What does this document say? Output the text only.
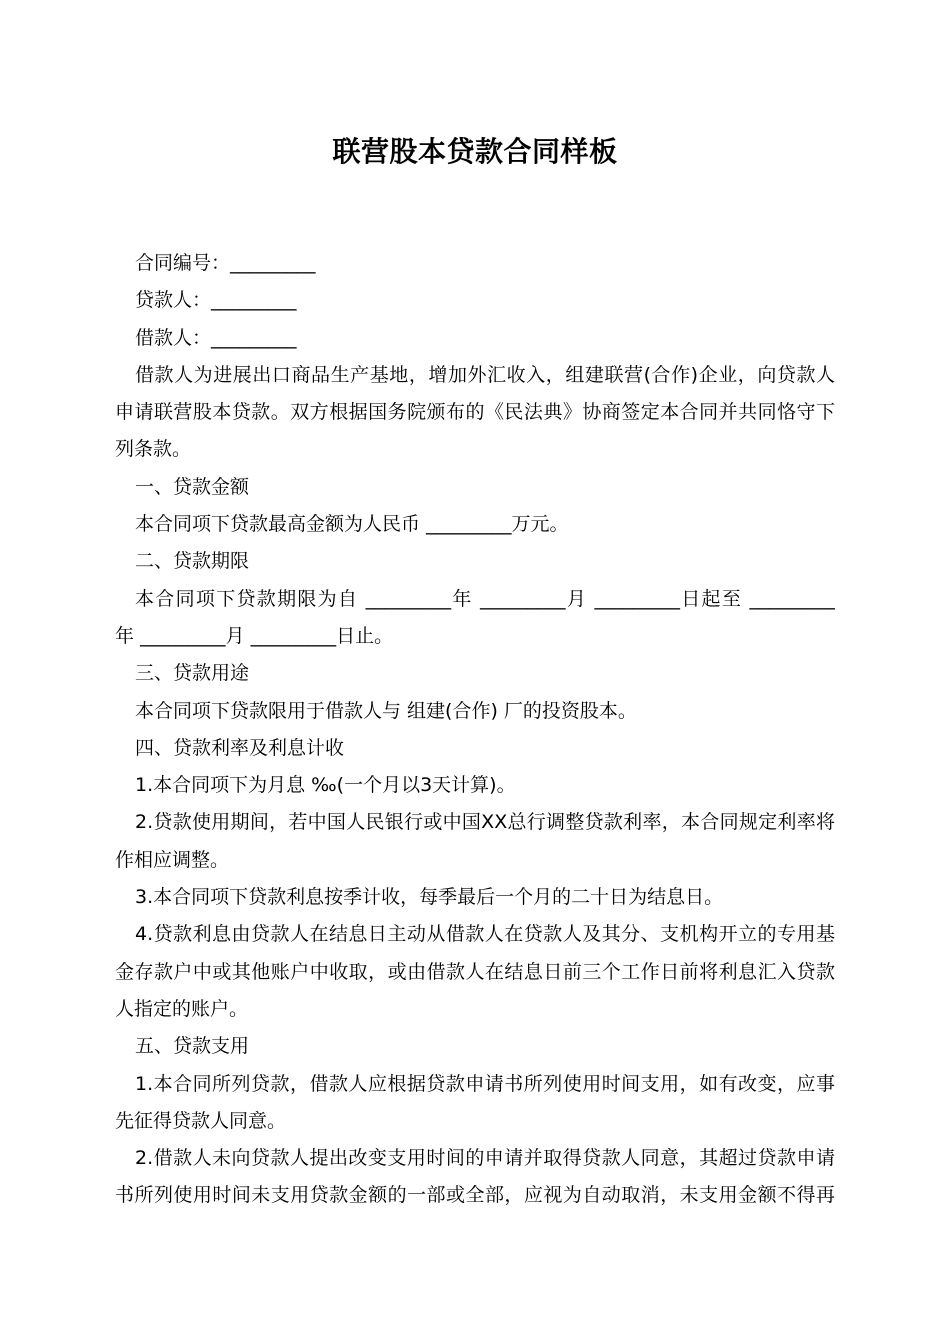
联营股本贷款合同样板
合同编号：_________
贷款人：_________
借款人：_________
借款人为进展出口商品生产基地，增加外汇收入，组建联营(合作)企业，向贷款人
申请联营股本贷款。双方根据国务院颁布的《民法典》协商签定本合同并共同恪守下
列条款。
一、贷款金额
本合同项下贷款最高金额为人民币 _________万元。
二、贷款期限
本合同项下贷款期限为自 _________年 _________月 _________日起至 _________
年 _________月 _________日止。
三、贷款用途
本合同项下贷款限用于借款人与 组建(合作) 厂的投资股本。
四、贷款利率及利息计收
1.本合同项下为月息 ‰(一个月以3天计算)。
2.贷款使用期间，若中国人民银行或中国XX总行调整贷款利率，本合同规定利率将
作相应调整。
3.本合同项下贷款利息按季计收，每季最后一个月的二十日为结息日。
4.贷款利息由贷款人在结息日主动从借款人在贷款人及其分、支机构开立的专用基
金存款户中或其他账户中收取，或由借款人在结息日前三个工作日前将利息汇入贷款
人指定的账户。
五、贷款支用
1.本合同所列贷款，借款人应根据贷款申请书所列使用时间支用，如有改变，应事
先征得贷款人同意。
2.借款人未向贷款人提出改变支用时间的申请并取得贷款人同意，其超过贷款申请
书所列使用时间未支用贷款金额的一部或全部，应视为自动取消，未支用金额不得再
